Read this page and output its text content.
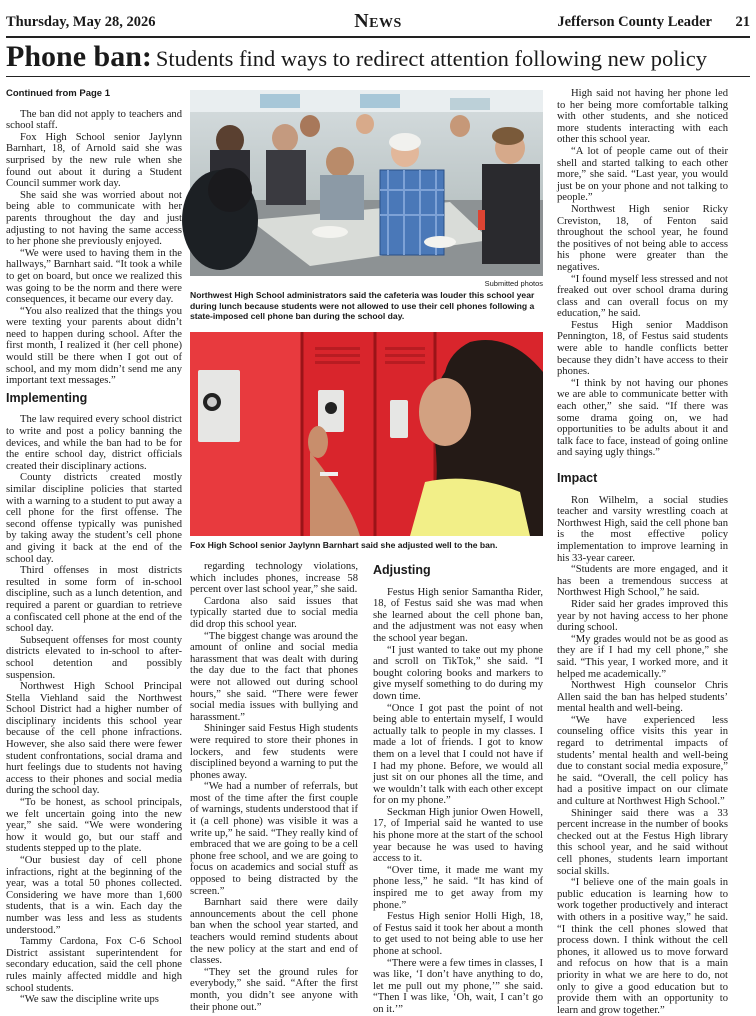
Thursday, May 28, 2026	News	Jefferson County Leader 21
Phone ban: Students find ways to redirect attention following new policy

Continued from Page 1

The ban did not apply to teachers and school staff.

Fox High School senior Jaylynn Barnhart, 18, of Arnold said she was surprised by the new rule when she found out about it during a Student Council summer work day.

She said she was worried about not being able to communicate with her parents throughout the day and just adjusting to not having the same access to her phone she previously enjoyed.

“We were used to having them in the hallways,” Barnhart said. “It took a while to get on board, but once we realized this was going to be the norm and there were consequences, it became our every day.

“You also realized that the things you were texting your parents about didn’t need to happen during school. After the first month, I realized it (her cell phone) would still be there when I got out of school, and my mom didn’t send me any important text messages.”

Implementing

The law required every school district to write and post a policy banning the devices, and while the ban had to be for the entire school day, district officials created their disciplinary actions.

County districts created mostly similar discipline policies that started with a warning to a student to put away a cell phone for the first offense. The second offense typically was punished by taking away the student’s cell phone and giving it back at the end of the school day.

Third offenses in most districts resulted in some form of in-school discipline, such as a lunch detention, and required a parent or guardian to retrieve a confiscated cell phone at the end of the school day.

Subsequent offenses for most county districts elevated to in-school to after-school detention and possibly suspension.

Northwest High School Principal Stella Viehland said the Northwest School District had a higher number of disciplinary incidents this school year because of the cell phone infractions. However, she also said there were fewer student confrontations, social drama and hurt feelings due to students not having access to their phones and social media during the school day.

“To be honest, as school principals, we felt uncertain going into the new year,” she said. “We were wondering how it would go, but our staff and students stepped up to the plate.

“Our busiest day of cell phone infractions, right at the beginning of the year, was a total 50 phones collected. Considering we have more than 1,600 students, that is a win. Each day the number was less and less as students understood.”

Tammy Cardona, Fox C-6 School District assistant superintendent for secondary education, said the cell phone rules mainly affected middle and high school students.

“We saw the discipline write ups

Submitted photos
Northwest High School administrators said the cafeteria was louder this school year during lunch because students were not allowed to use their cell phones following a state-imposed cell phone ban during the school day.
Fox High School senior Jaylynn Barnhart said she adjusted well to the ban.

regarding technology violations, which includes phones, increase 58 percent over last school year,” she said.

Cardona also said issues that typically started due to social media did drop this school year.

“The biggest change was around the amount of online and social media harassment that was dealt with during the day due to the fact that phones were not allowed out during school hours,” she said. “There were fewer social media issues with bullying and harassment.”

Shininger said Festus High students were required to store their phones in lockers, and few students were disciplined beyond a warning to put the phones away.

“We had a number of referrals, but most of the time after the first couple of warnings, students understood that if it (a cell phone) was visible it was a write up,” he said. “They really kind of embraced that we are going to be a cell phone free school, and we are going to focus on academics and social stuff as opposed to being distracted by the screen.”

Barnhart said there were daily announcements about the cell phone ban when the school year started, and teachers would remind students about the new policy at the start and end of classes.

“They set the ground rules for everybody,” she said. “After the first month, you didn’t see anyone with their phone out.”

Adjusting

Festus High senior Samantha Rider, 18, of Festus said she was mad when she learned about the cell phone ban, and the adjustment was not easy when the school year began.

“I just wanted to take out my phone and scroll on TikTok,” she said. “I bought coloring books and markers to give myself something to do during my down time.

“Once I got past the point of not being able to entertain myself, I would actually talk to people in my classes. I made a lot of friends. I got to know them on a level that I could not have if I had my phone. Before, we would all just sit on our phones all the time, and we wouldn’t talk with each other except for on my phone.”

Seckman High junior Owen Howell, 17, of Imperial said he wanted to use his phone more at the start of the school year because he was used to having access to it.

“Over time, it made me want my phone less,” he said. “It has kind of inspired me to get away from my phone.”

Festus High senior Holli High, 18, of Festus said it took her about a month to get used to not being able to use her phone at school.

“There were a few times in classes, I was like, ‘I don’t have anything to do, let me pull out my phone,’” she said. “Then I was like, ‘Oh, wait, I can’t go on it.’”

High said not having her phone led to her being more comfortable talking with other students, and she noticed more students interacting with each other this school year.

“A lot of people came out of their shell and started talking to each other more,” she said. “Last year, you would just be on your phone and not talking to people.”

Northwest High senior Ricky Creviston, 18, of Fenton said throughout the school year, he found the positives of not being able to access his phone were greater than the negatives.

“I found myself less stressed and not freaked out over school drama during class and can overall focus on my education,” he said.

Festus High senior Maddison Pennington, 18, of Festus said students were able to handle conflicts better because they didn’t have access to their phones.

“I think by not having our phones we are able to communicate better with each other,” she said. “If there was some drama going on, we had opportunities to be adults about it and talk face to face, instead of going online and saying ugly things.”

Impact

Ron Wilhelm, a social studies teacher and varsity wrestling coach at Northwest High, said the cell phone ban is the most effective policy implementation to improve learning in his 33-year career.

“Students are more engaged, and it has been a tremendous success at Northwest High School,” he said.

Rider said her grades improved this year by not having access to her phone during school.

“My grades would not be as good as they are if I had my cell phone,” she said. “This year, I worked more, and it helped me academically.”

Northwest High counselor Chris Allen said the ban has helped students’ mental health and well-being.

“We have experienced less counseling office visits this year in regard to detrimental impacts of students’ mental health and well-being due to constant social media exposure,” he said. “Overall, the cell policy has had a positive impact on our climate and culture at Northwest High School.”

Shininger said there was a 33 percent increase in the number of books checked out at the Festus High library this school year, and he said without cell phones, students learn important social skills.

“I believe one of the main goals in public education is learning how to work together productively and interact with others in a positive way,” he said. “I think the cell phones slowed that process down. I think without the cell phones, it allowed us to move forward and refocus on how that is a main priority in what we are here to do, not only to give a good education but to provide them with an opportunity to learn and grow together.”
